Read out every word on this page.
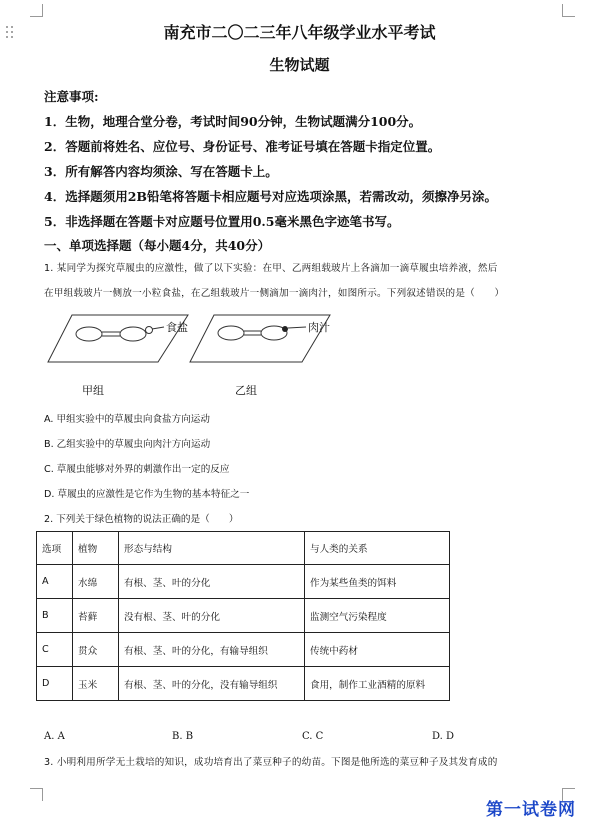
南充市二〇二三年八年级学业水平考试
生物试题
注意事项:
1．生物，地理合堂分卷，考试时间90分钟，生物试题满分100分。
2．答题前将姓名、应位号、身份证号、准考证号填在答题卡指定位置。
3．所有解答内容均须涂、写在答题卡上。
4．选择题须用2B铅笔将答题卡相应题号对应选项涂黑，若需改动，须擦净另涂。
5．非选择题在答题卡对应题号位置用0.5毫米黑色字迹笔书写。
一、单项选择题（每小题4分，共40分）
1. 某同学为探究草履虫的应激性，做了以下实验：在甲、乙两组载玻片上各滴加一滴草履虫培养液，然后
在甲组载玻片一侧放一小粒食盐，在乙组载玻片一侧滴加一滴肉汁，如图所示。下列叙述错误的是（　　）
食盐	肉汁
甲组	乙组
A. 甲组实验中的草履虫向食盐方向运动
B. 乙组实验中的草履虫向肉汁方向运动
C. 草履虫能够对外界的刺激作出一定的反应
D. 草履虫的应激性是它作为生物的基本特征之一
2. 下列关于绿色植物的说法正确的是（　　）
选项	植物	形态与结构	与人类的关系
A	水绵	有根、茎、叶的分化	作为某些鱼类的饵料
B	苔藓	没有根、茎、叶的分化	监测空气污染程度
C	贯众	有根、茎、叶的分化，有输导组织	传统中药材
D	玉米	有根、茎、叶的分化，没有输导组织	食用，制作工业酒精的原料
A. A	B. B	C. C	D. D
3. 小明利用所学无土栽培的知识，成功培育出了菜豆种子的幼苗。下图是他所选的菜豆种子及其发育成的
第一试卷网
